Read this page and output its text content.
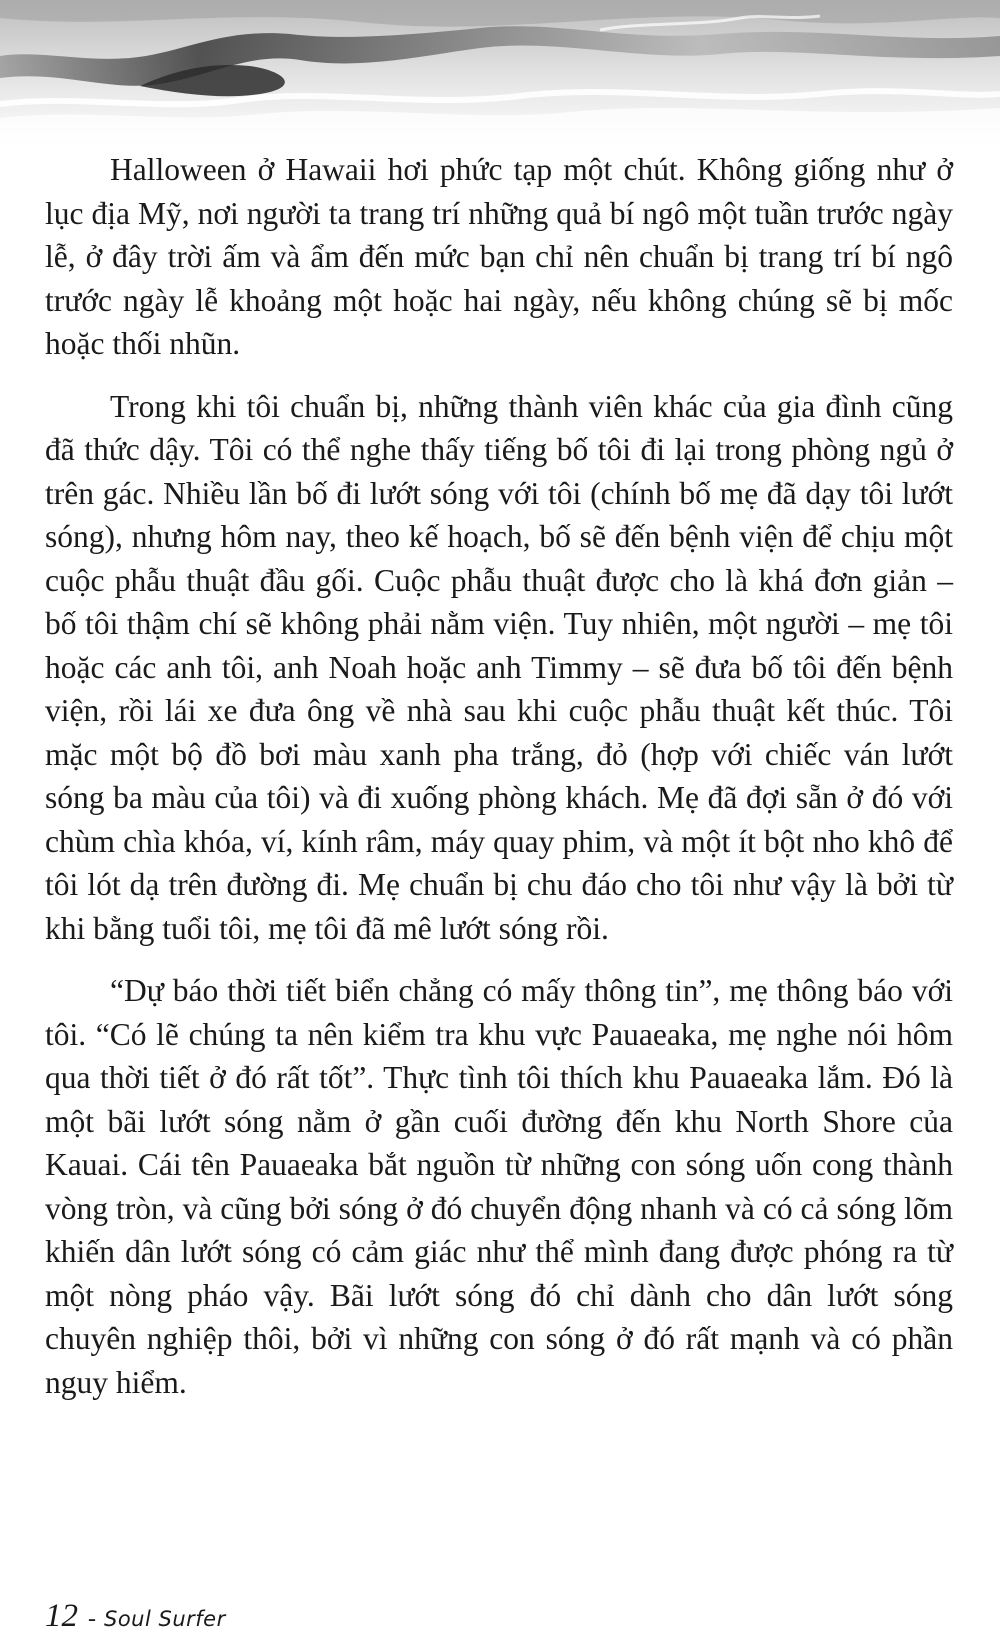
Halloween ở Hawaii hơi phức tạp một chút. Không giống như ở lục địa Mỹ, nơi người ta trang trí những quả bí ngô một tuần trước ngày lễ, ở đây trời ấm và ẩm đến mức bạn chỉ nên chuẩn bị trang trí bí ngô trước ngày lễ khoảng một hoặc hai ngày, nếu không chúng sẽ bị mốc hoặc thối nhũn.

Trong khi tôi chuẩn bị, những thành viên khác của gia đình cũng đã thức dậy. Tôi có thể nghe thấy tiếng bố tôi đi lại trong phòng ngủ ở trên gác. Nhiều lần bố đi lướt sóng với tôi (chính bố mẹ đã dạy tôi lướt sóng), nhưng hôm nay, theo kế hoạch, bố sẽ đến bệnh viện để chịu một cuộc phẫu thuật đầu gối. Cuộc phẫu thuật được cho là khá đơn giản – bố tôi thậm chí sẽ không phải nằm viện. Tuy nhiên, một người – mẹ tôi hoặc các anh tôi, anh Noah hoặc anh Timmy – sẽ đưa bố tôi đến bệnh viện, rồi lái xe đưa ông về nhà sau khi cuộc phẫu thuật kết thúc. Tôi mặc một bộ đồ bơi màu xanh pha trắng, đỏ (hợp với chiếc ván lướt sóng ba màu của tôi) và đi xuống phòng khách. Mẹ đã đợi sẵn ở đó với chùm chìa khóa, ví, kính râm, máy quay phim, và một ít bột nho khô để tôi lót dạ trên đường đi. Mẹ chuẩn bị chu đáo cho tôi như vậy là bởi từ khi bằng tuổi tôi, mẹ tôi đã mê lướt sóng rồi.

“Dự báo thời tiết biển chẳng có mấy thông tin”, mẹ thông báo với tôi. “Có lẽ chúng ta nên kiểm tra khu vực Pauaeaka, mẹ nghe nói hôm qua thời tiết ở đó rất tốt”. Thực tình tôi thích khu Pauaeaka lắm. Đó là một bãi lướt sóng nằm ở gần cuối đường đến khu North Shore của Kauai. Cái tên Pauaeaka bắt nguồn từ những con sóng uốn cong thành vòng tròn, và cũng bởi sóng ở đó chuyển động nhanh và có cả sóng lõm khiến dân lướt sóng có cảm giác như thể mình đang được phóng ra từ một nòng pháo vậy. Bãi lướt sóng đó chỉ dành cho dân lướt sóng chuyên nghiệp thôi, bởi vì những con sóng ở đó rất mạnh và có phần nguy hiểm.

12 - Soul Surfer
